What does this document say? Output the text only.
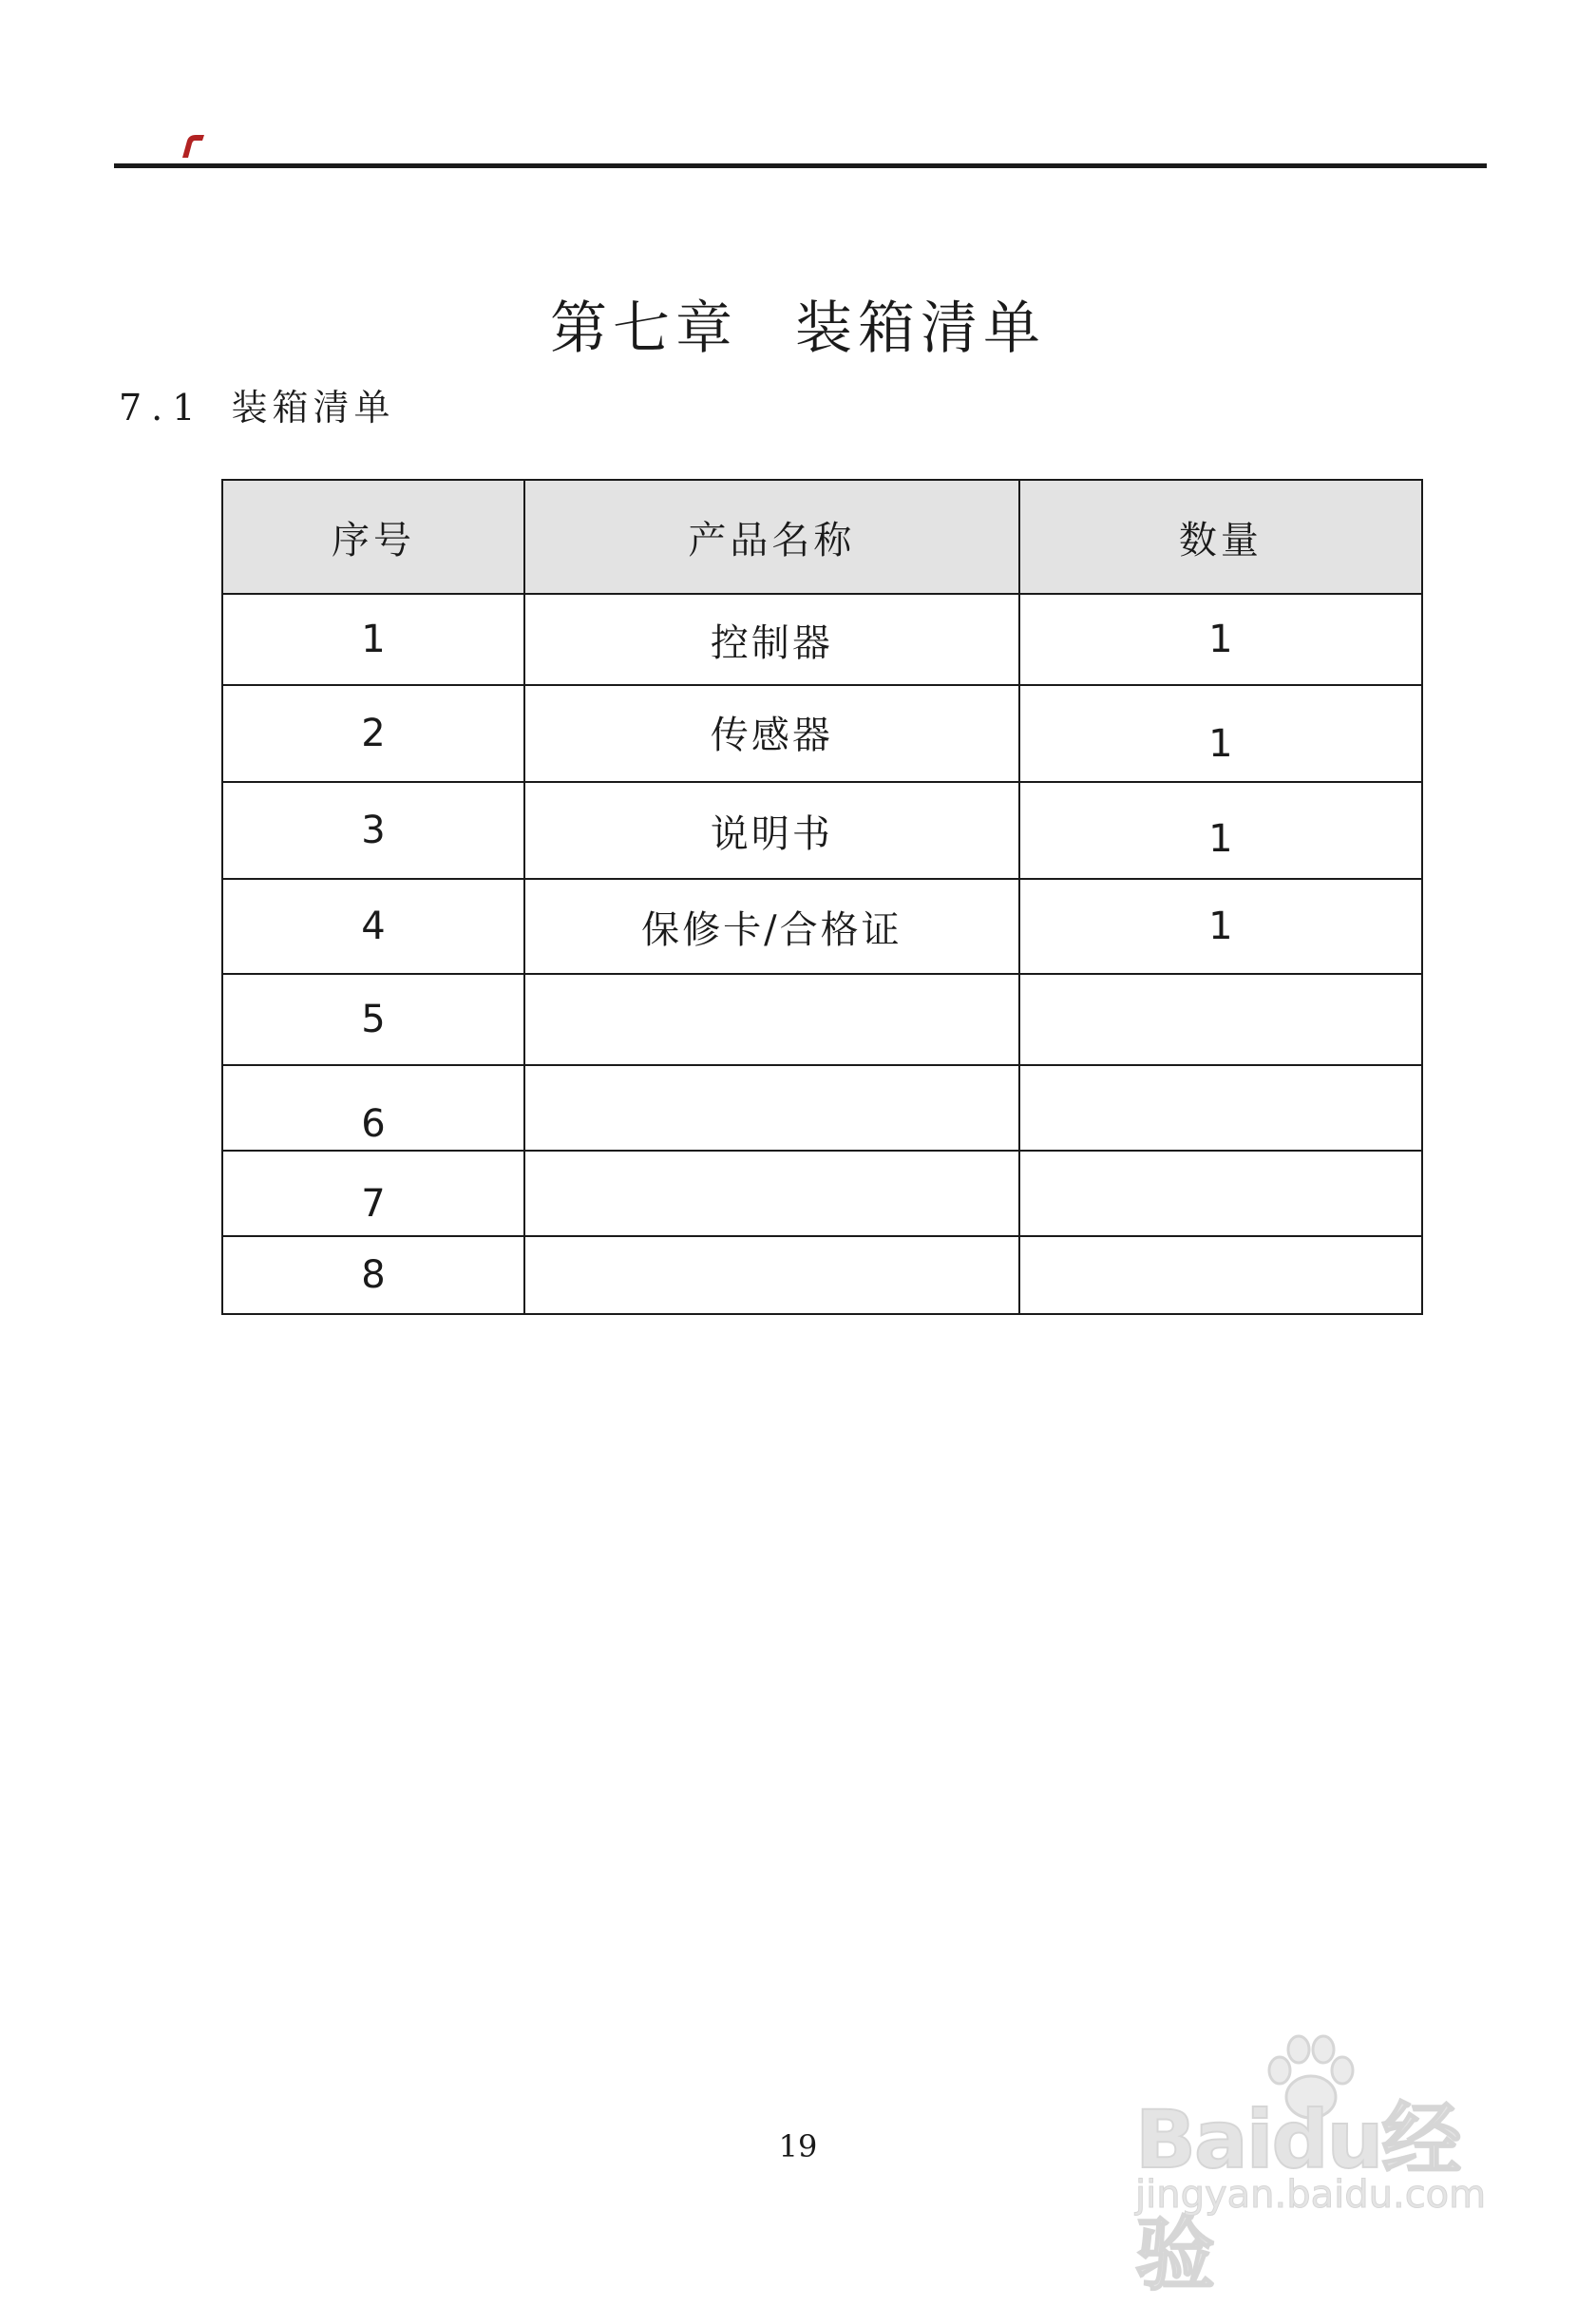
第七章 装箱清单
7.1 装箱清单
序号	产品名称	数量
1	控制器	1
2	传感器	1
3	说明书	1
4	保修卡/合格证	1
5		
6		
7		
8		
19	Baidu经验
jingyan.baidu.com
